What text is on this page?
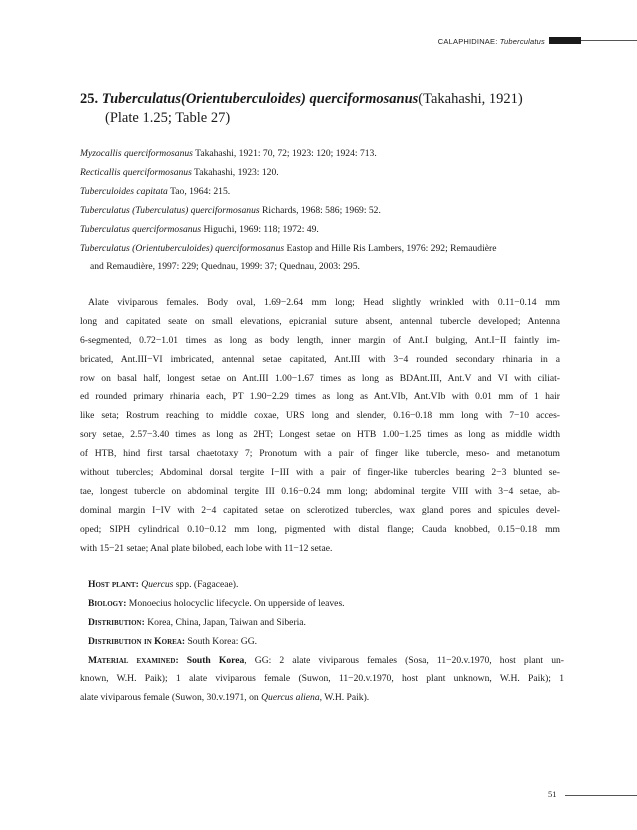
CALAPHIDINAE: Tuberculatus
25. Tuberculatus(Orientuberculoides) querciformosanus(Takahashi, 1921)
(Plate 1.25; Table 27)
Myzocallis querciformosanus Takahashi, 1921: 70, 72; 1923: 120; 1924: 713.
Recticallis querciformosanus Takahashi, 1923: 120.
Tuberculoides capitata Tao, 1964: 215.
Tuberculatus (Tuberculatus) querciformosanus Richards, 1968: 586; 1969: 52.
Tuberculatus querciformosanus Higuchi, 1969: 118; 1972: 49.
Tuberculatus (Orientuberculoides) querciformosanus Eastop and Hille Ris Lambers, 1976: 292; Remaudière
and Remaudière, 1997: 229; Quednau, 1999: 37; Quednau, 2003: 295.
Alate viviparous females. Body oval, 1.69−2.64 mm long; Head slightly wrinkled with 0.11−0.14 mm
long and capitated seate on small elevations, epicranial suture absent, antennal tubercle developed; Antenna
6-segmented, 0.72−1.01 times as long as body length, inner margin of Ant.I bulging, Ant.I−II faintly im-
bricated, Ant.III−VI imbricated, antennal setae capitated, Ant.III with 3−4 rounded secondary rhinaria in a
row on basal half, longest setae on Ant.III 1.00−1.67 times as long as BDAnt.III, Ant.V and VI with ciliat-
ed rounded primary rhinaria each, PT 1.90−2.29 times as long as Ant.VIb, Ant.VIb with 0.01 mm of 1 hair
like seta; Rostrum reaching to middle coxae, URS long and slender, 0.16−0.18 mm long with 7−10 acces-
sory setae, 2.57−3.40 times as long as 2HT; Longest setae on HTB 1.00−1.25 times as long as middle width
of HTB, hind first tarsal chaetotaxy 7; Pronotum with a pair of finger like tubercle, meso- and metanotum
without tubercles; Abdominal dorsal tergite I−III with a pair of finger-like tubercles bearing 2−3 blunted se-
tae, longest tubercle on abdominal tergite III 0.16−0.24 mm long; abdominal tergite VIII with 3−4 setae, ab-
dominal margin I−IV with 2−4 capitated setae on sclerotized tubercles, wax gland pores and spicules devel-
oped; SIPH cylindrical 0.10−0.12 mm long, pigmented with distal flange; Cauda knobbed, 0.15−0.18 mm
with 15−21 setae; Anal plate bilobed, each lobe with 11−12 setae.
Host plant: Quercus spp. (Fagaceae).
Biology: Monoecius holocyclic lifecycle. On upperside of leaves.
Distribution: Korea, China, Japan, Taiwan and Siberia.
Distribution in Korea: South Korea: GG.
Material examined: South Korea, GG: 2 alate viviparous females (Sosa, 11−20.v.1970, host plant un-
known, W.H. Paik); 1 alate viviparous female (Suwon, 11−20.v.1970, host plant unknown, W.H. Paik); 1
alate viviparous female (Suwon, 30.v.1971, on Quercus aliena, W.H. Paik).
51
